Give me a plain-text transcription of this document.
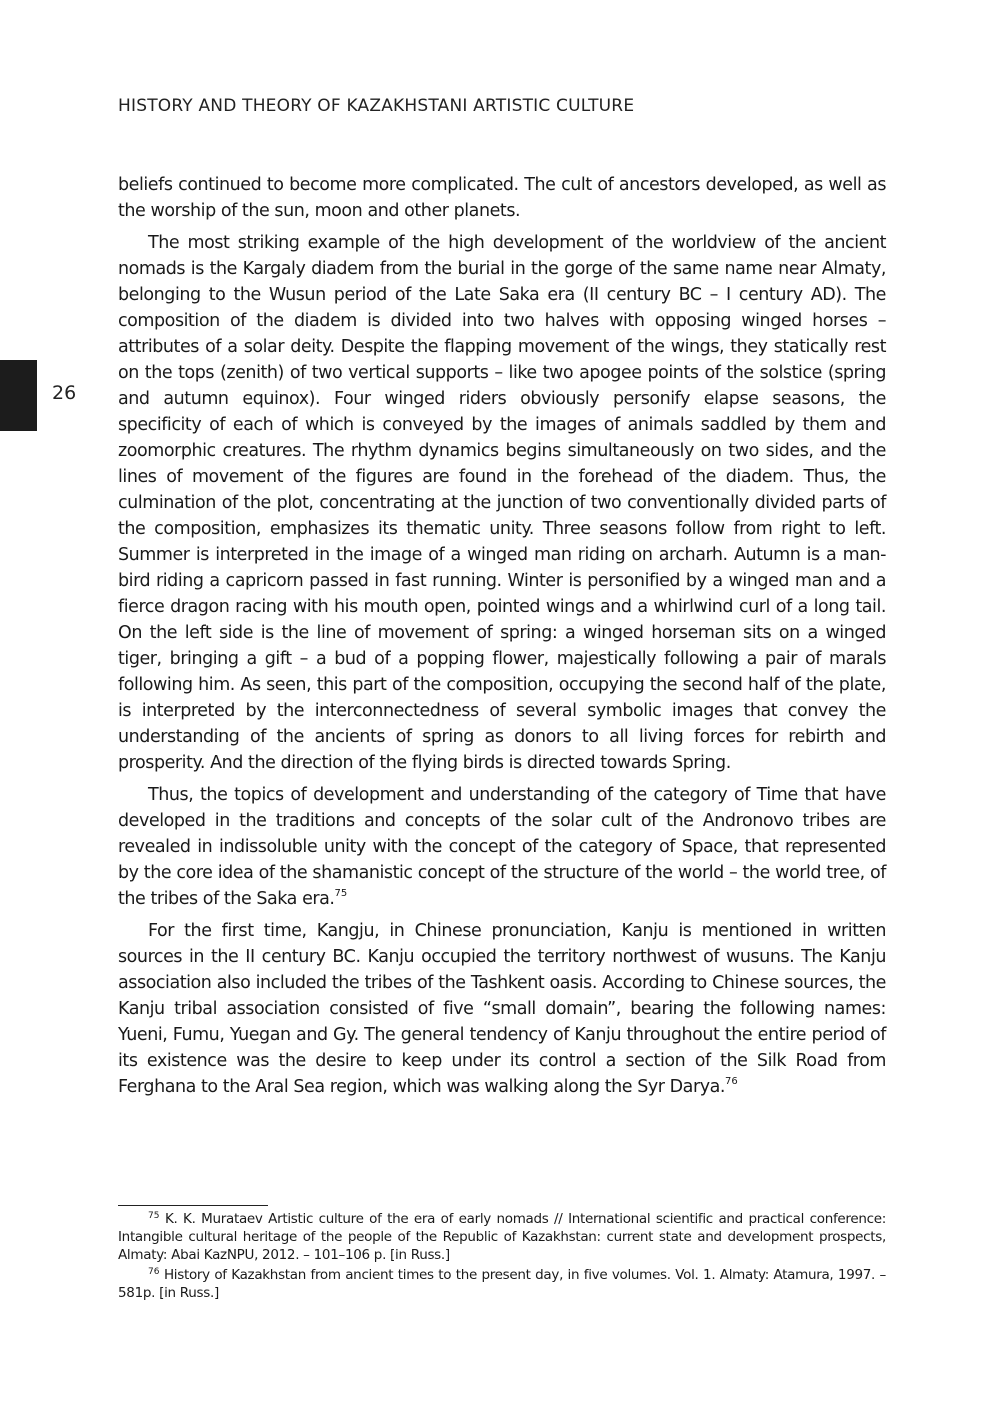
HISTORY AND THEORY OF KAZAKHSTANI ARTISTIC CULTURE
26

beliefs continued to become more complicated. The cult of ancestors developed, as well as the worship of the sun, moon and other planets.

The most striking example of the high development of the worldview of the ancient nomads is the Kargaly diadem from the burial in the gorge of the same name near Almaty, belonging to the Wusun period of the Late Saka era (II century BC – I century AD). The composition of the diadem is divided into two halves with opposing winged horses – attributes of a solar deity. Despite the flapping movement of the wings, they statically rest on the tops (zenith) of two vertical supports – like two apogee points of the solstice (spring and autumn equinox). Four winged riders obviously personify elapse seasons, the specificity of each of which is conveyed by the images of animals saddled by them and zoomorphic creatures. The rhythm dynamics begins simultaneously on two sides, and the lines of movement of the figures are found in the forehead of the diadem. Thus, the culmination of the plot, concentrating at the junction of two conventionally divided parts of the composition, emphasizes its thematic unity. Three seasons follow from right to left. Summer is interpreted in the image of a winged man riding on archarh. Autumn is a man-bird riding a capricorn passed in fast running. Winter is personified by a winged man and a fierce dragon racing with his mouth open, pointed wings and a whirlwind curl of a long tail. On the left side is the line of movement of spring: a winged horseman sits on a winged tiger, bringing a gift – a bud of a popping flower, majestically following a pair of marals following him. As seen, this part of the composition, occupying the second half of the plate, is interpreted by the interconnectedness of several symbolic images that convey the understanding of the ancients of spring as donors to all living forces for rebirth and prosperity. And the direction of the flying birds is directed towards Spring.

Thus, the topics of development and understanding of the category of Time that have developed in the traditions and concepts of the solar cult of the Andronovo tribes are revealed in indissoluble unity with the concept of the category of Space, that represented by the core idea of the shamanistic concept of the structure of the world – the world tree, of the tribes of the Saka era.$^{75}$

For the first time, Kangju, in Chinese pronunciation, Kanju is mentioned in written sources in the II century BC. Kanju occupied the territory northwest of wusuns. The Kanju association also included the tribes of the Tashkent oasis. According to Chinese sources, the Kanju tribal association consisted of five “small domain”, bearing the following names: Yueni, Fumu, Yuegan and Gy. The general tendency of Kanju throughout the entire period of its existence was the desire to keep under its control a section of the Silk Road from Ferghana to the Aral Sea region, which was walking along the Syr Darya.$^{76}$

$^{75}$ K. K. Murataev Artistic culture of the era of early nomads // International scientific and practical conference: Intangible cultural heritage of the people of the Republic of Kazakhstan: current state and development prospects, Almaty: Abai KazNPU, 2012. – 101–106 p. [in Russ.]

$^{76}$ History of Kazakhstan from ancient times to the present day, in five volumes. Vol. 1. Almaty: Atamura, 1997. – 581p. [in Russ.]
